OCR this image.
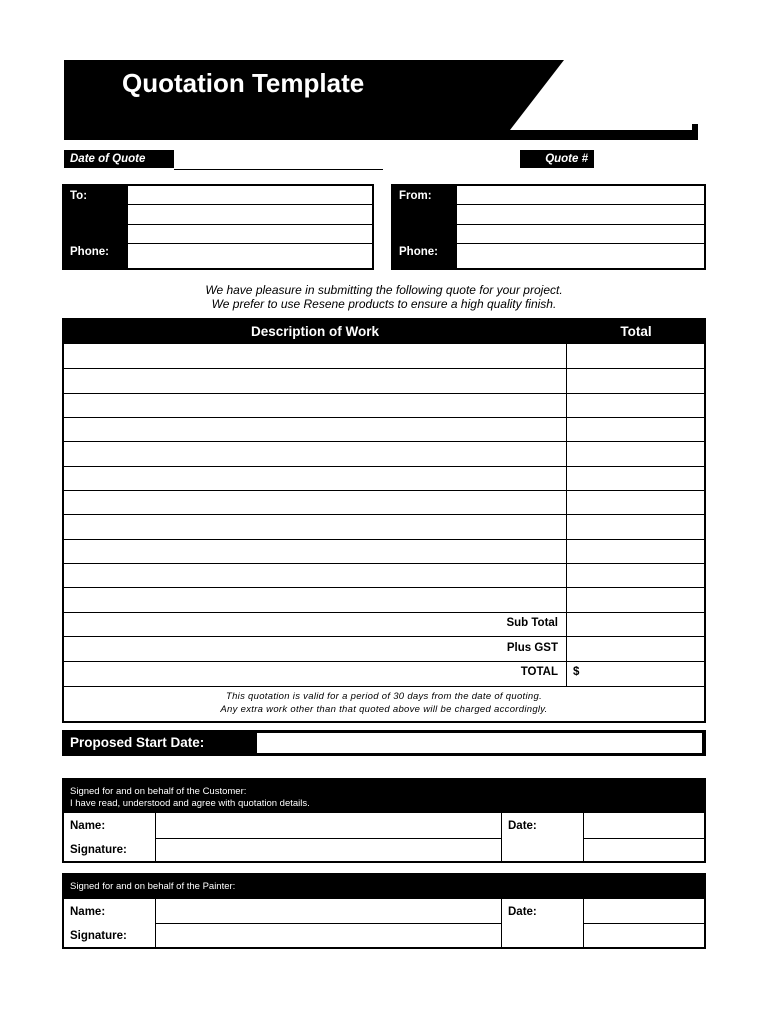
Quotation Template
Date of Quote	Quote #
To:
Phone:
From:
Phone:
We have pleasure in submitting the following quote for your project.
We prefer to use Resene products to ensure a high quality finish.
Description of Work	Total
Sub Total
Plus GST
TOTAL $
This quotation is valid for a period of 30 days from the date of quoting.
Any extra work other than that quoted above will be charged accordingly.
Proposed Start Date:
Signed for and on behalf of the Customer:
I have read, understood and agree with quotation details.
Name:
Signature:
Date:
Signed for and on behalf of the Painter:
Name:
Signature:
Date:
